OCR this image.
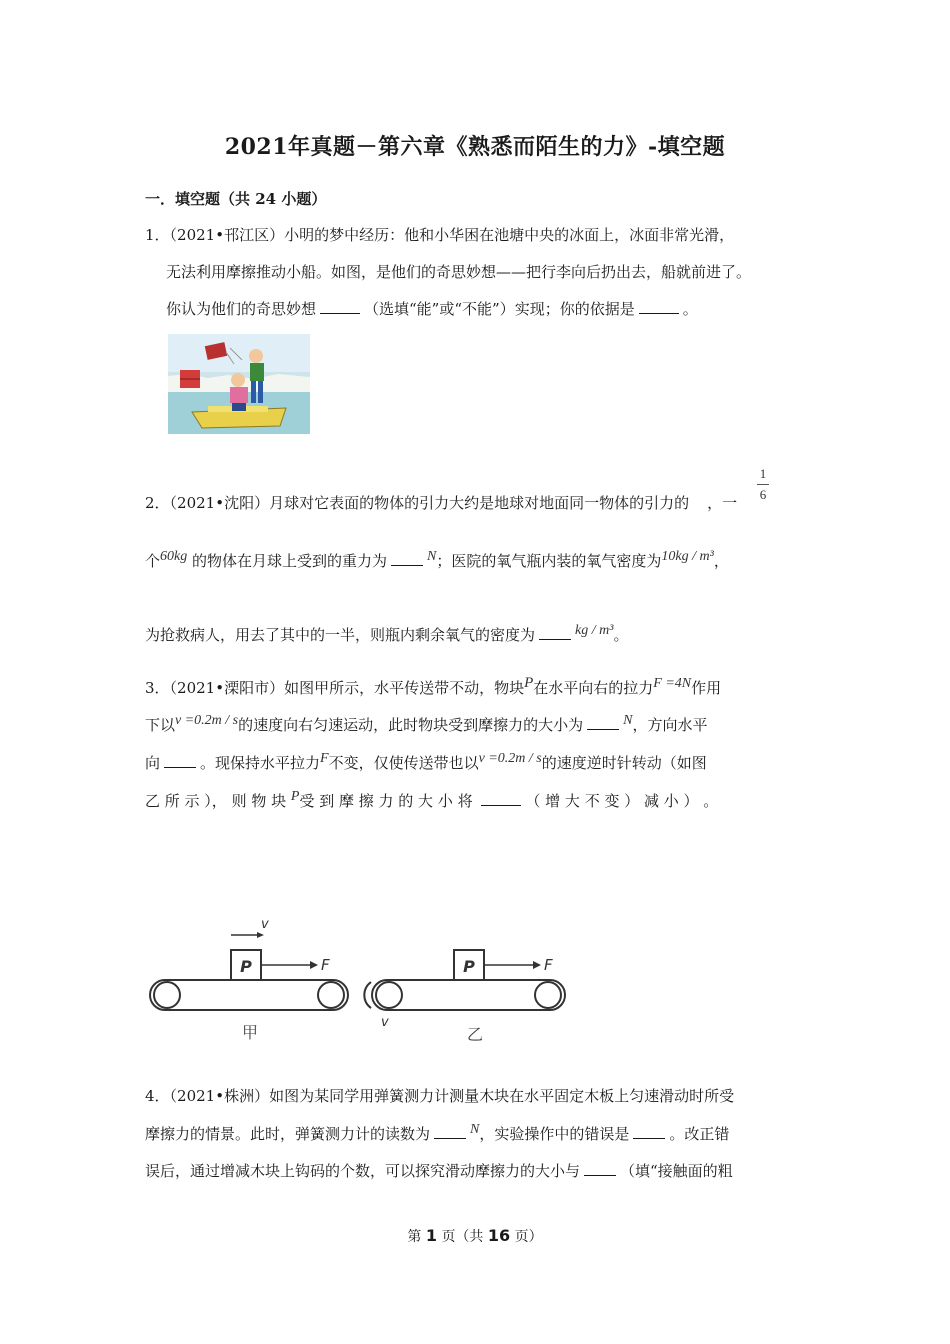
2021年真题－第六章《熟悉而陌生的力》-填空题
一．填空题（共 24 小题）
1．（2021•邗江区）小明的梦中经历：他和小华困在池塘中央的冰面上，冰面非常光滑，
无法利用摩擦推动小船。如图，是他们的奇思妙想——把行李向后扔出去，船就前进了。
你认为他们的奇思妙想	（选填“能”或“不能”）实现；你的依据是	。
$\frac{1}{6}$
2．（2021•沈阳）月球对它表面的物体的引力大约是地球对地面同一物体的引力的 ，一
个60kg 的物体在月球上受到的重力为	N；医院的氧气瓶内装的氧气密度为10kg / m³，
为抢救病人，用去了其中的一半，则瓶内剩余氧气的密度为	kg / m³。
3．（2021•溧阳市）如图甲所示，水平传送带不动，物块P在水平向右的拉力F =4N作用
下以v =0.2m / s的速度向右匀速运动，此时物块受到摩擦力的大小为	N，方向水平
向	。现保持水平拉力F不变，仅使传送带也以v =0.2m / s的速度逆时针转动（如图
乙 所 示 ）， 则 物 块 P受 到 摩 擦 力 的 大 小 将	（ 增 大 不 变 ） 减 小 ） 。
P	P
F	F
v
v
甲	乙
4．（2021•株洲）如图为某同学用弹簧测力计测量木块在水平固定木板上匀速滑动时所受
摩擦力的情景。此时，弹簧测力计的读数为	N，实验操作中的错误是	。改正错
误后，通过增减木块上钩码的个数，可以探究滑动摩擦力的大小与	（填“接触面的粗
第 1 页（共 16 页）
